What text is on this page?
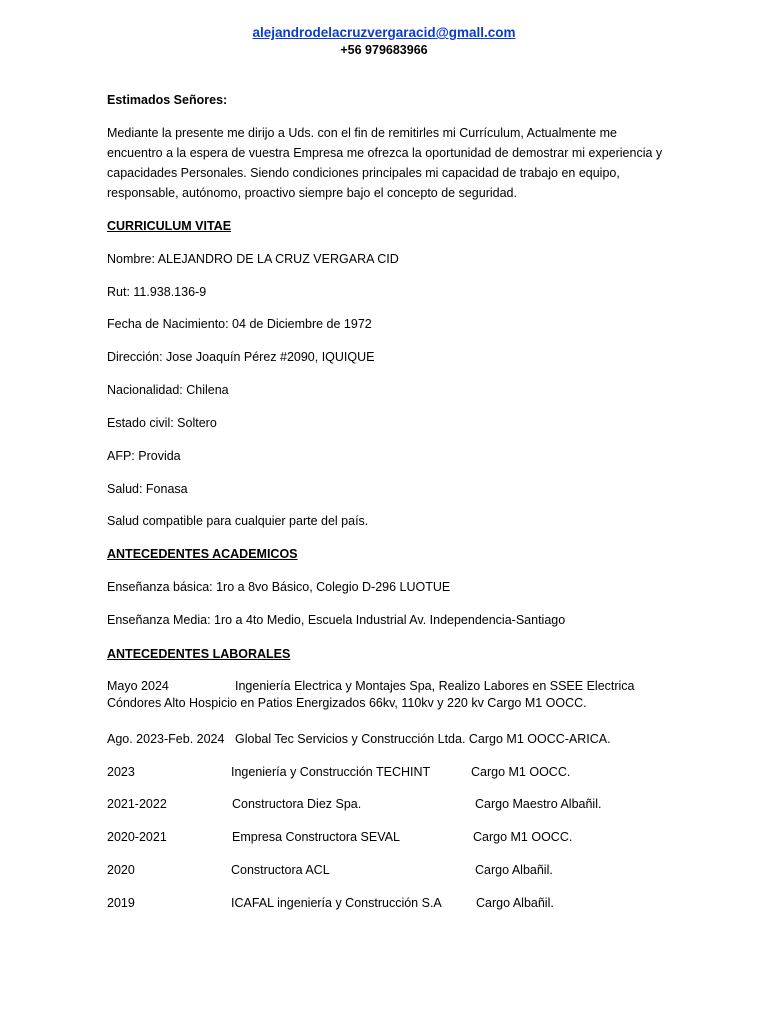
alejandrodelacruzvergaracid@gmall.com
+56 979683966
Estimados Señores:
Mediante la presente me dirijo a Uds. con el fin de remitirles mi Currículum, Actualmente me encuentro a la espera de vuestra Empresa me ofrezca la oportunidad de demostrar mi experiencia y capacidades Personales. Siendo condiciones principales mi capacidad de trabajo en equipo, responsable, autónomo, proactivo siempre bajo el concepto de seguridad.
CURRICULUM VITAE
Nombre: ALEJANDRO DE LA CRUZ VERGARA CID
Rut: 11.938.136-9
Fecha de Nacimiento: 04 de Diciembre de 1972
Dirección: Jose Joaquín Pérez #2090, IQUIQUE
Nacionalidad: Chilena
Estado civil: Soltero
AFP: Provida
Salud: Fonasa
Salud compatible para cualquier parte del país.
ANTECEDENTES ACADEMICOS
Enseñanza básica: 1ro a 8vo Básico, Colegio D-296 LUOTUE
Enseñanza Media: 1ro a 4to Medio, Escuela Industrial Av. Independencia-Santiago
ANTECEDENTES LABORALES
Mayo 2024	Ingeniería Electrica y Montajes Spa, Realizo Labores en SSEE Electrica
Cóndores Alto Hospicio en Patios Energizados 66kv, 110kv y 220 kv Cargo M1 OOCC.
Ago. 2023-Feb. 2024 Global Tec Servicios y Construcción Ltda. Cargo M1 OOCC-ARICA.
2023	Ingeniería y Construcción TECHINT	Cargo M1 OOCC.
2021-2022	Constructora Diez Spa.	Cargo Maestro Albañil.
2020-2021	Empresa Constructora SEVAL	Cargo M1 OOCC.
2020	Constructora ACL	Cargo Albañil.
2019	ICAFAL ingeniería y Construcción S.A	Cargo Albañil.
